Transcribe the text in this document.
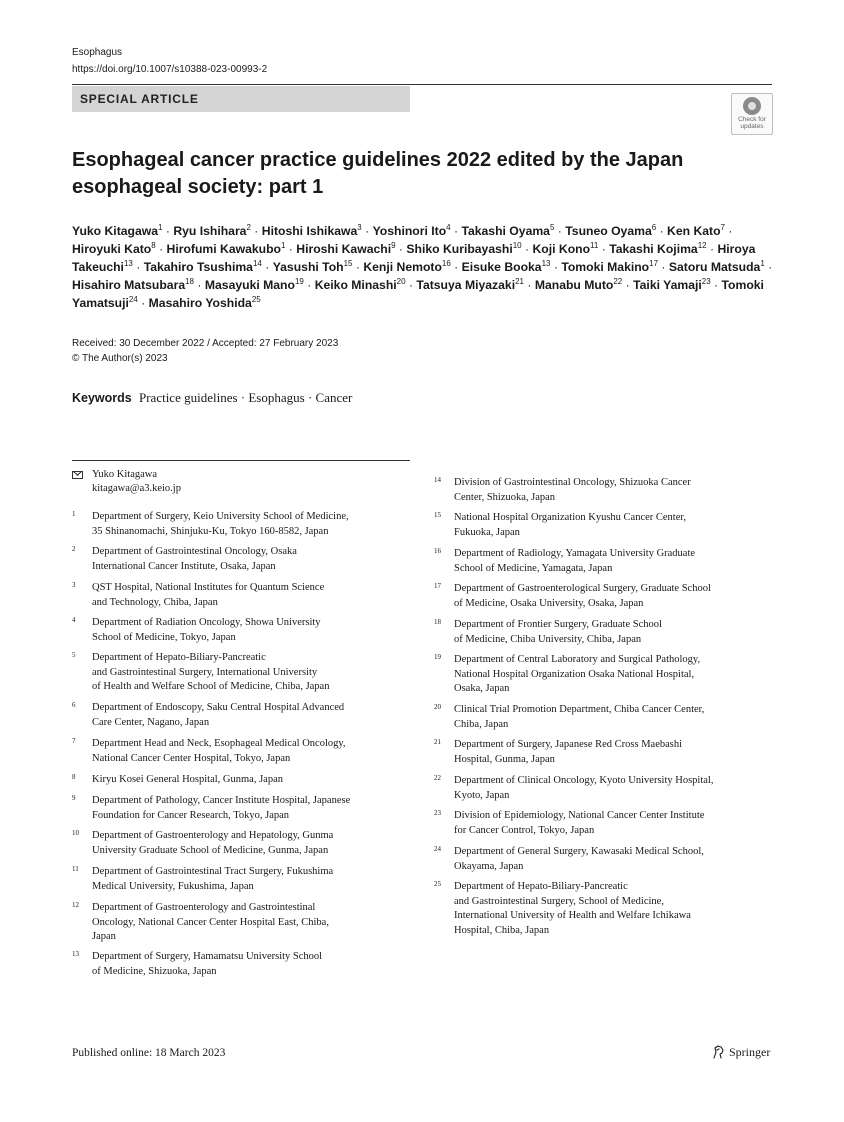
Esophagus
https://doi.org/10.1007/s10388-023-00993-2
SPECIAL ARTICLE
Check for
updates
Esophageal cancer practice guidelines 2022 edited by the Japan esophageal society: part 1
Yuko Kitagawa$^1$ · Ryu Ishihara$^2$ · Hitoshi Ishikawa$^3$ · Yoshinori Ito$^4$ · Takashi Oyama$^5$ · Tsuneo Oyama$^6$ · Ken Kato$^7$ · Hiroyuki Kato$^8$ · Hirofumi Kawakubo$^1$ · Hiroshi Kawachi$^9$ · Shiko Kuribayashi$^{10}$ · Koji Kono$^{11}$ · Takashi Kojima$^{12}$ · Hiroya Takeuchi$^{13}$ · Takahiro Tsushima$^{14}$ · Yasushi Toh$^{15}$ · Kenji Nemoto$^{16}$ · Eisuke Booka$^{13}$ · Tomoki Makino$^{17}$ · Satoru Matsuda$^1$ · Hisahiro Matsubara$^{18}$ · Masayuki Mano$^{19}$ · Keiko Minashi$^{20}$ · Tatsuya Miyazaki$^{21}$ · Manabu Muto$^{22}$ · Taiki Yamaji$^{23}$ · Tomoki Yamatsuji$^{24}$ · Masahiro Yoshida$^{25}$
Received: 30 December 2022 / Accepted: 27 February 2023
© The Author(s) 2023
Keywords Practice guidelines · Esophagus · Cancer
Yuko Kitagawa
kitagawa@a3.keio.jp
1 Department of Surgery, Keio University School of Medicine,
35 Shinanomachi, Shinjuku-Ku, Tokyo 160-8582, Japan
2 Department of Gastrointestinal Oncology, Osaka
International Cancer Institute, Osaka, Japan
3 QST Hospital, National Institutes for Quantum Science
and Technology, Chiba, Japan
4 Department of Radiation Oncology, Showa University
School of Medicine, Tokyo, Japan
5 Department of Hepato-Biliary-Pancreatic
and Gastrointestinal Surgery, International University
of Health and Welfare School of Medicine, Chiba, Japan
6 Department of Endoscopy, Saku Central Hospital Advanced
Care Center, Nagano, Japan
7 Department Head and Neck, Esophageal Medical Oncology,
National Cancer Center Hospital, Tokyo, Japan
8 Kiryu Kosei General Hospital, Gunma, Japan
9 Department of Pathology, Cancer Institute Hospital, Japanese
Foundation for Cancer Research, Tokyo, Japan
10 Department of Gastroenterology and Hepatology, Gunma
University Graduate School of Medicine, Gunma, Japan
11 Department of Gastrointestinal Tract Surgery, Fukushima
Medical University, Fukushima, Japan
12 Department of Gastroenterology and Gastrointestinal
Oncology, National Cancer Center Hospital East, Chiba,
Japan
13 Department of Surgery, Hamamatsu University School
of Medicine, Shizuoka, Japan
14 Division of Gastrointestinal Oncology, Shizuoka Cancer
Center, Shizuoka, Japan
15 National Hospital Organization Kyushu Cancer Center,
Fukuoka, Japan
16 Department of Radiology, Yamagata University Graduate
School of Medicine, Yamagata, Japan
17 Department of Gastroenterological Surgery, Graduate School
of Medicine, Osaka University, Osaka, Japan
18 Department of Frontier Surgery, Graduate School
of Medicine, Chiba University, Chiba, Japan
19 Department of Central Laboratory and Surgical Pathology,
National Hospital Organization Osaka National Hospital,
Osaka, Japan
20 Clinical Trial Promotion Department, Chiba Cancer Center,
Chiba, Japan
21 Department of Surgery, Japanese Red Cross Maebashi
Hospital, Gunma, Japan
22 Department of Clinical Oncology, Kyoto University Hospital,
Kyoto, Japan
23 Division of Epidemiology, National Cancer Center Institute
for Cancer Control, Tokyo, Japan
24 Department of General Surgery, Kawasaki Medical School,
Okayama, Japan
25 Department of Hepato-Biliary-Pancreatic
and Gastrointestinal Surgery, School of Medicine,
International University of Health and Welfare Ichikawa
Hospital, Chiba, Japan
Published online: 18 March 2023	Springer
